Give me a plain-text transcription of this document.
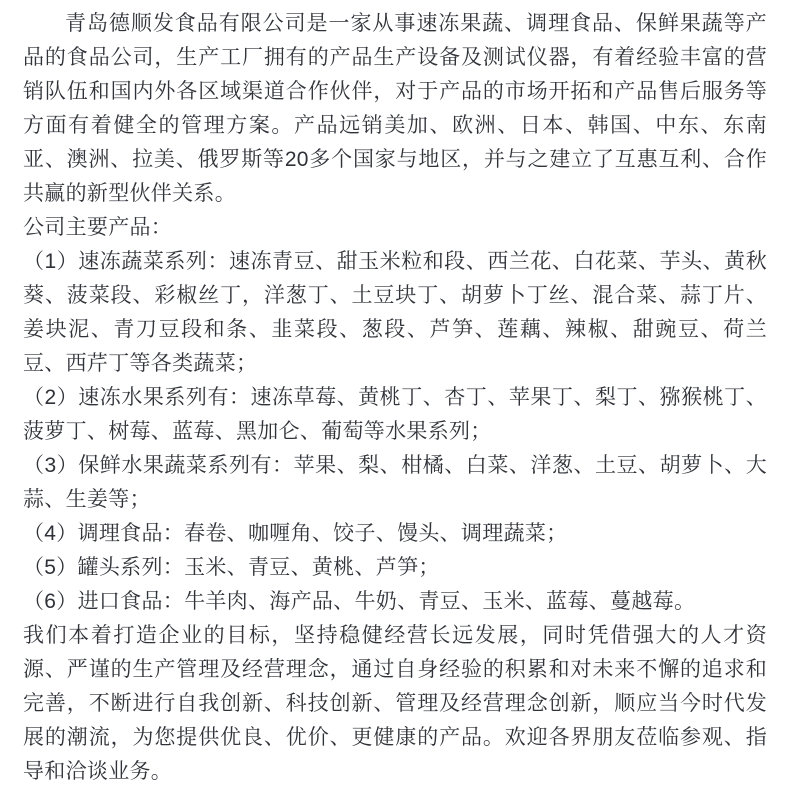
青岛德顺发食品有限公司是一家从事速冻果蔬、调理食品、保鲜果蔬等产品的食品公司，生产工厂拥有的产品生产设备及测试仪器，有着经验丰富的营销队伍和国内外各区域渠道合作伙伴，对于产品的市场开拓和产品售后服务等方面有着健全的管理方案。产品远销美加、欧洲、日本、韩国、中东、东南亚、澳洲、拉美、俄罗斯等20多个国家与地区，并与之建立了互惠互利、合作共赢的新型伙伴关系。

公司主要产品：

（1）速冻蔬菜系列：速冻青豆、甜玉米粒和段、西兰花、白花菜、芋头、黄秋葵、菠菜段、彩椒丝丁，洋葱丁、土豆块丁、胡萝卜丁丝、混合菜、蒜丁片、姜块泥、青刀豆段和条、韭菜段、葱段、芦笋、莲藕、辣椒、甜豌豆、荷兰豆、西芹丁等各类蔬菜；

（2）速冻水果系列有：速冻草莓、黄桃丁、杏丁、苹果丁、梨丁、猕猴桃丁、菠萝丁、树莓、蓝莓、黑加仑、葡萄等水果系列；

（3）保鲜水果蔬菜系列有：苹果、梨、柑橘、白菜、洋葱、土豆、胡萝卜、大蒜、生姜等；

（4）调理食品：春卷、咖喱角、饺子、馒头、调理蔬菜；

（5）罐头系列：玉米、青豆、黄桃、芦笋；

（6）进口食品：牛羊肉、海产品、牛奶、青豆、玉米、蓝莓、蔓越莓。

我们本着打造企业的目标，坚持稳健经营长远发展，同时凭借强大的人才资源、严谨的生产管理及经营理念，通过自身经验的积累和对未来不懈的追求和完善，不断进行自我创新、科技创新、管理及经营理念创新，顺应当今时代发展的潮流，为您提供优良、优价、更健康的产品。欢迎各界朋友莅临参观、指导和洽谈业务。
